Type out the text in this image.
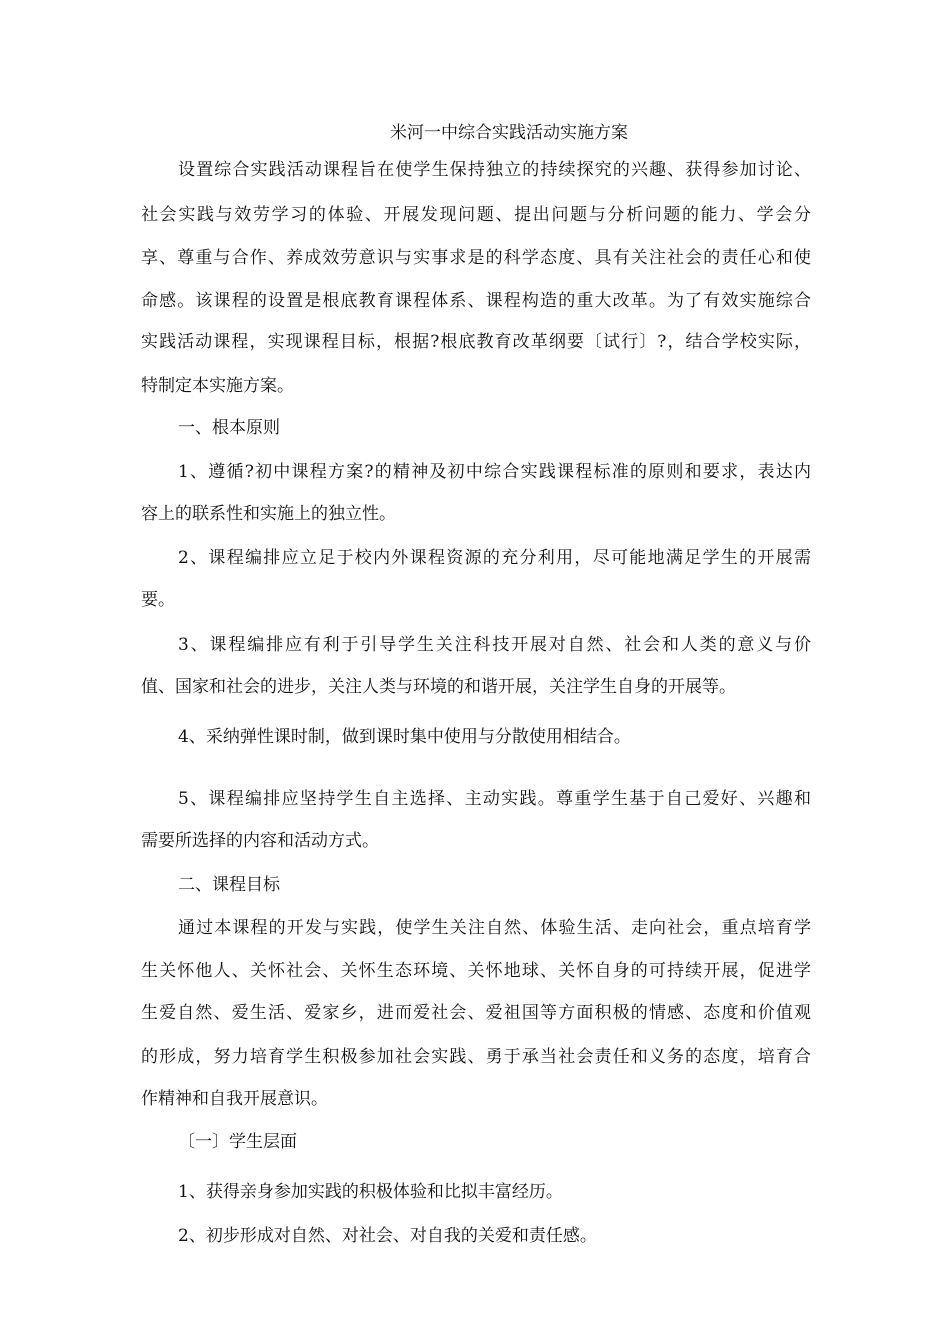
米河一中综合实践活动实施方案
设置综合实践活动课程旨在使学生保持独立的持续探究的兴趣、获得参加讨论、
社会实践与效劳学习的体验、开展发现问题、提出问题与分析问题的能力、学会分
享、尊重与合作、养成效劳意识与实事求是的科学态度、具有关注社会的责任心和使
命感。该课程的设置是根底教育课程体系、课程构造的重大改革。为了有效实施综合
实践活动课程，实现课程目标，根据?根底教育改革纲要〔试行〕?，结合学校实际，
特制定本实施方案。
一、根本原则
1、遵循?初中课程方案?的精神及初中综合实践课程标准的原则和要求，表达内
容上的联系性和实施上的独立性。
2、课程编排应立足于校内外课程资源的充分利用，尽可能地满足学生的开展需
要。
3、课程编排应有利于引导学生关注科技开展对自然、社会和人类的意义与价
值、国家和社会的进步，关注人类与环境的和谐开展，关注学生自身的开展等。
4、采纳弹性课时制，做到课时集中使用与分散使用相结合。
5、课程编排应坚持学生自主选择、主动实践。尊重学生基于自己爱好、兴趣和
需要所选择的内容和活动方式。
二、课程目标
通过本课程的开发与实践，使学生关注自然、体验生活、走向社会，重点培育学
生关怀他人、关怀社会、关怀生态环境、关怀地球、关怀自身的可持续开展，促进学
生爱自然、爱生活、爱家乡，进而爱社会、爱祖国等方面积极的情感、态度和价值观
的形成，努力培育学生积极参加社会实践、勇于承当社会责任和义务的态度，培育合
作精神和自我开展意识。
〔一〕学生层面
1、获得亲身参加实践的积极体验和比拟丰富经历。
2、初步形成对自然、对社会、对自我的关爱和责任感。
